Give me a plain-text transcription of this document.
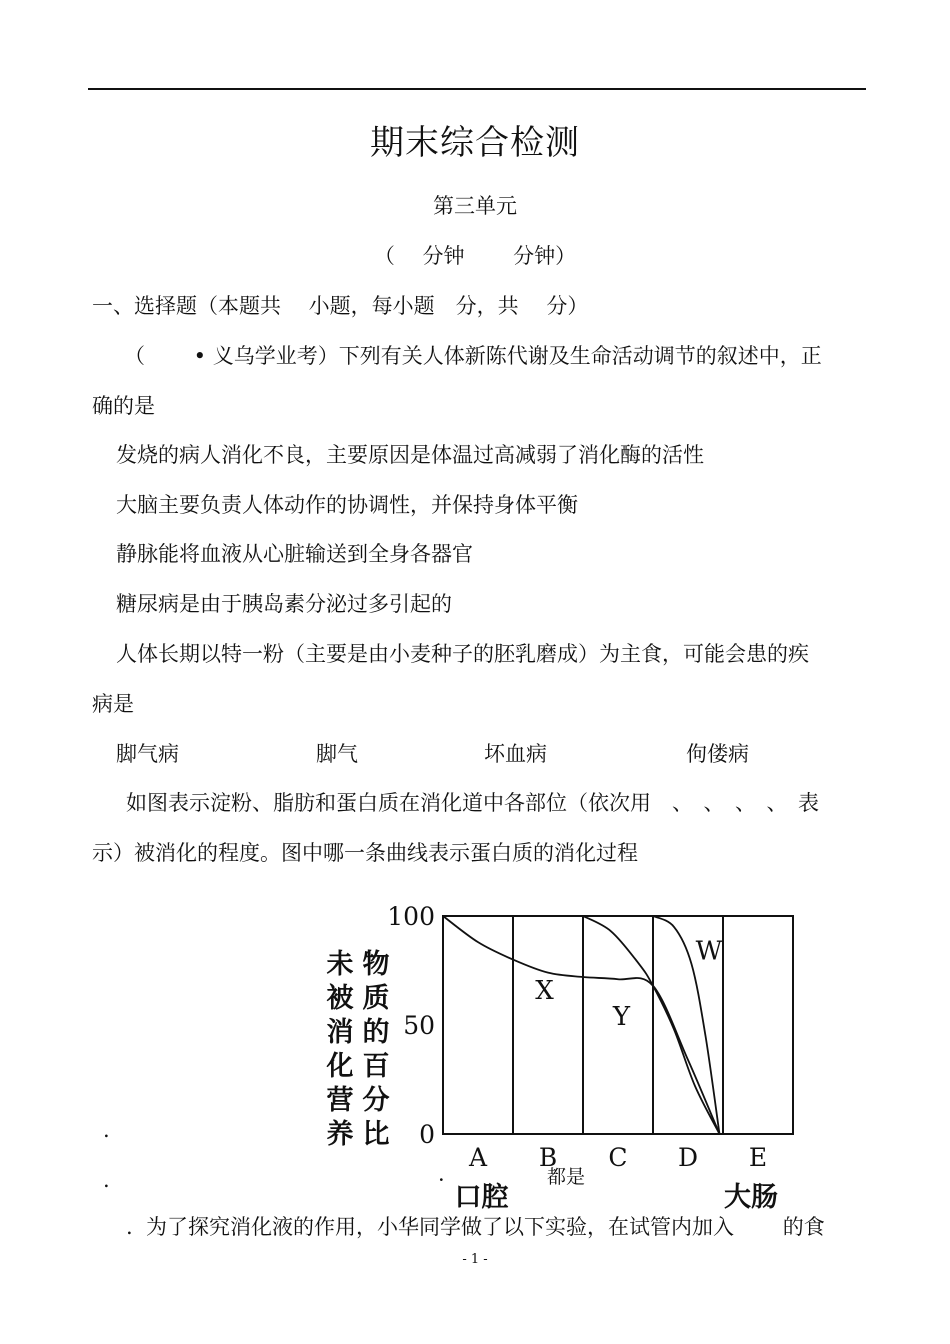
期末综合检测
第三单元
（　 分钟　　 分钟）
一、选择题（本题共　 小题，每小题　分，共　 分）
（　　 • 义乌学业考）下列有关人体新陈代谢及生命活动调节的叙述中，正
确的是
发烧的病人消化不良，主要原因是体温过高减弱了消化酶的活性
大脑主要负责人体动作的协调性，并保持身体平衡
静脉能将血液从心脏输送到全身各器官
糖尿病是由于胰岛素分泌过多引起的
人体长期以特一粉（主要是由小麦种子的胚乳磨成）为主食，可能会患的疾
病是
脚气病	脚气	坏血病	佝偻病
如图表示淀粉、脂肪和蛋白质在消化道中各部位（依次用　、　、　、　、　表
示）被消化的程度。图中哪一条曲线表示蛋白质的消化过程
.
.	·	都是
未
被
消
化
营
养
物
质
的
百
分
比
100
50
0
A B C D E
口腔	大肠
X
Y
W
.  为了探究消化液的作用，小华同学做了以下实验，在试管内加入　　 的食
- 1 -
